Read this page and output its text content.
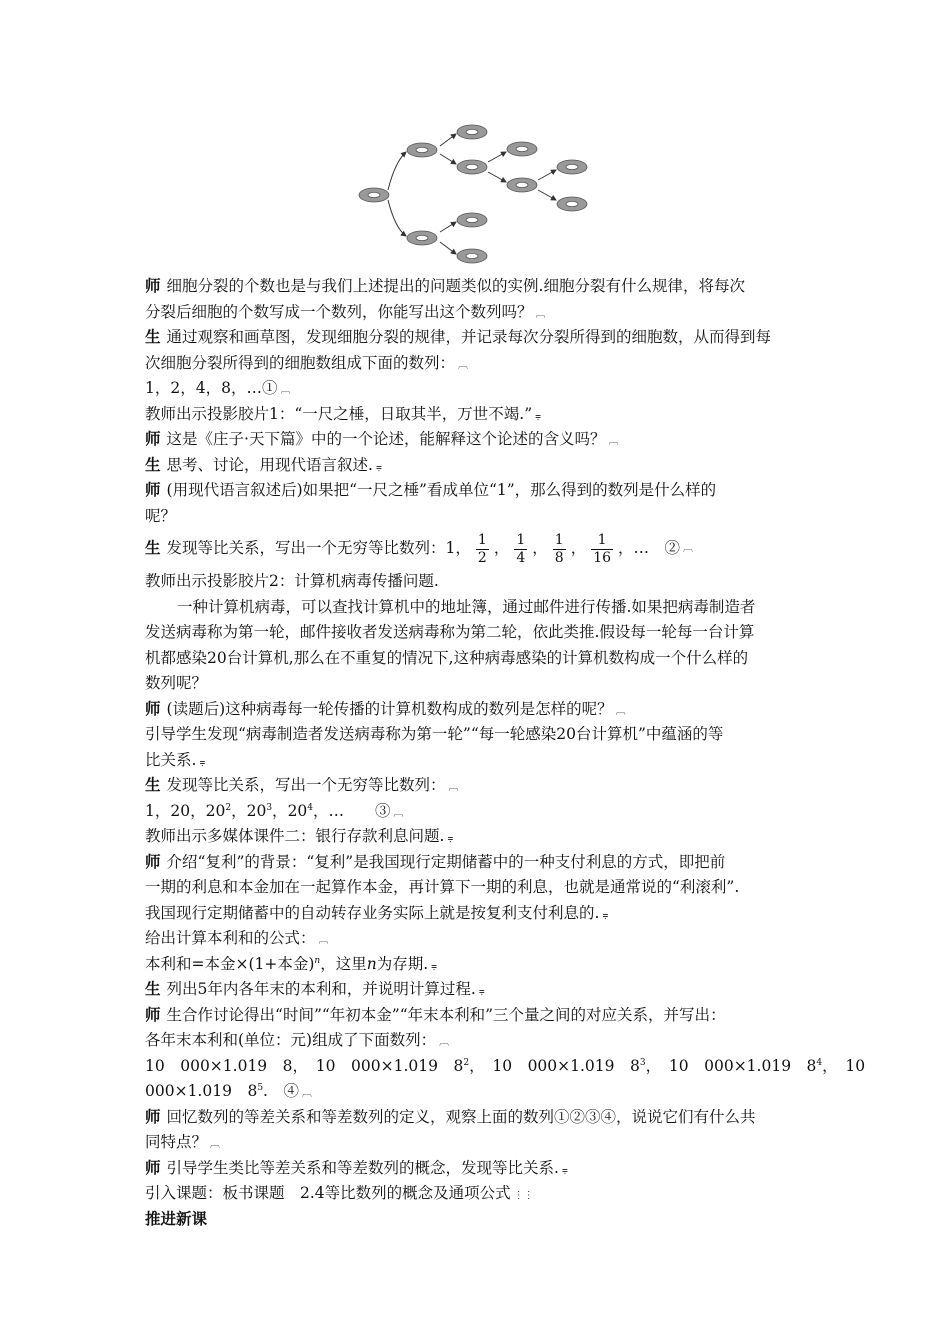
师 细胞分裂的个数也是与我们上述提出的问题类似的实例.细胞分裂有什么规律，将每次
分裂后细胞的个数写成一个数列，你能写出这个数列吗？ ︹
生 通过观察和画草图，发现细胞分裂的规律，并记录每次分裂所得到的细胞数，从而得到每
次细胞分裂所得到的细胞数组成下面的数列： ︹
1，2，4，8，…① ︹
教师出示投影胶片1：“一尺之棰，日取其半，万世不竭.” ⩦
师 这是《庄子·天下篇》中的一个论述，能解释这个论述的含义吗？ ︹
生 思考、讨论，用现代语言叙述. ⩦
师 (用现代语言叙述后)如果把“一尺之棰”看成单位“1”，那么得到的数列是什么样的
呢？
生 发现等比关系，写出一个无穷等比数列：1， $\frac{1}{2}$ ， $\frac{1}{4}$ ， $\frac{1}{8}$ ， $\frac{1}{16}$ ，…　② ︹
教师出示投影胶片2：计算机病毒传播问题.
一种计算机病毒，可以查找计算机中的地址簿，通过邮件进行传播.如果把病毒制造者
发送病毒称为第一轮，邮件接收者发送病毒称为第二轮，依此类推.假设每一轮每一台计算
机都感染20台计算机,那么在不重复的情况下,这种病毒感染的计算机数构成一个什么样的
数列呢？
师 (读题后)这种病毒每一轮传播的计算机数构成的数列是怎样的呢？ ︹
引导学生发现“病毒制造者发送病毒称为第一轮”“每一轮感染20台计算机”中蕴涵的等
比关系. ⩦
生 发现等比关系，写出一个无穷等比数列： ︹
1，20，$20^2$，$20^3$，$20^4$，…　　③ ︹
教师出示多媒体课件二：银行存款利息问题. ⩦
师 介绍“复利”的背景：“复利”是我国现行定期储蓄中的一种支付利息的方式，即把前
一期的利息和本金加在一起算作本金，再计算下一期的利息，也就是通常说的“利滚利”.
我国现行定期储蓄中的自动转存业务实际上就是按复利支付利息的. ⩦
给出计算本利和的公式： ︹
本利和=本金×(1+本金)$^n$，这里n为存期. ⩦
生 列出5年内各年末的本利和，并说明计算过程. ⩦
师 生合作讨论得出“时间”“年初本金”“年末本利和”三个量之间的对应关系，并写出：
各年末本利和(单位：元)组成了下面数列： ︹
10　000×1.019　8，　 10　000×1.019　$8^2$，　 10　000×1.019　$8^3$，　 10　000×1.019　$8^4$，　10
000×1.019　$8^5$.　④ ︹
师 回忆数列的等差关系和等差数列的定义，观察上面的数列①②③④，说说它们有什么共
同特点？ ︹
师 引导学生类比等差关系和等差数列的概念，发现等比关系. ⩦
引入课题：板书课题　2.4等比数列的概念及通项公式 ⋮⋮
推进新课
